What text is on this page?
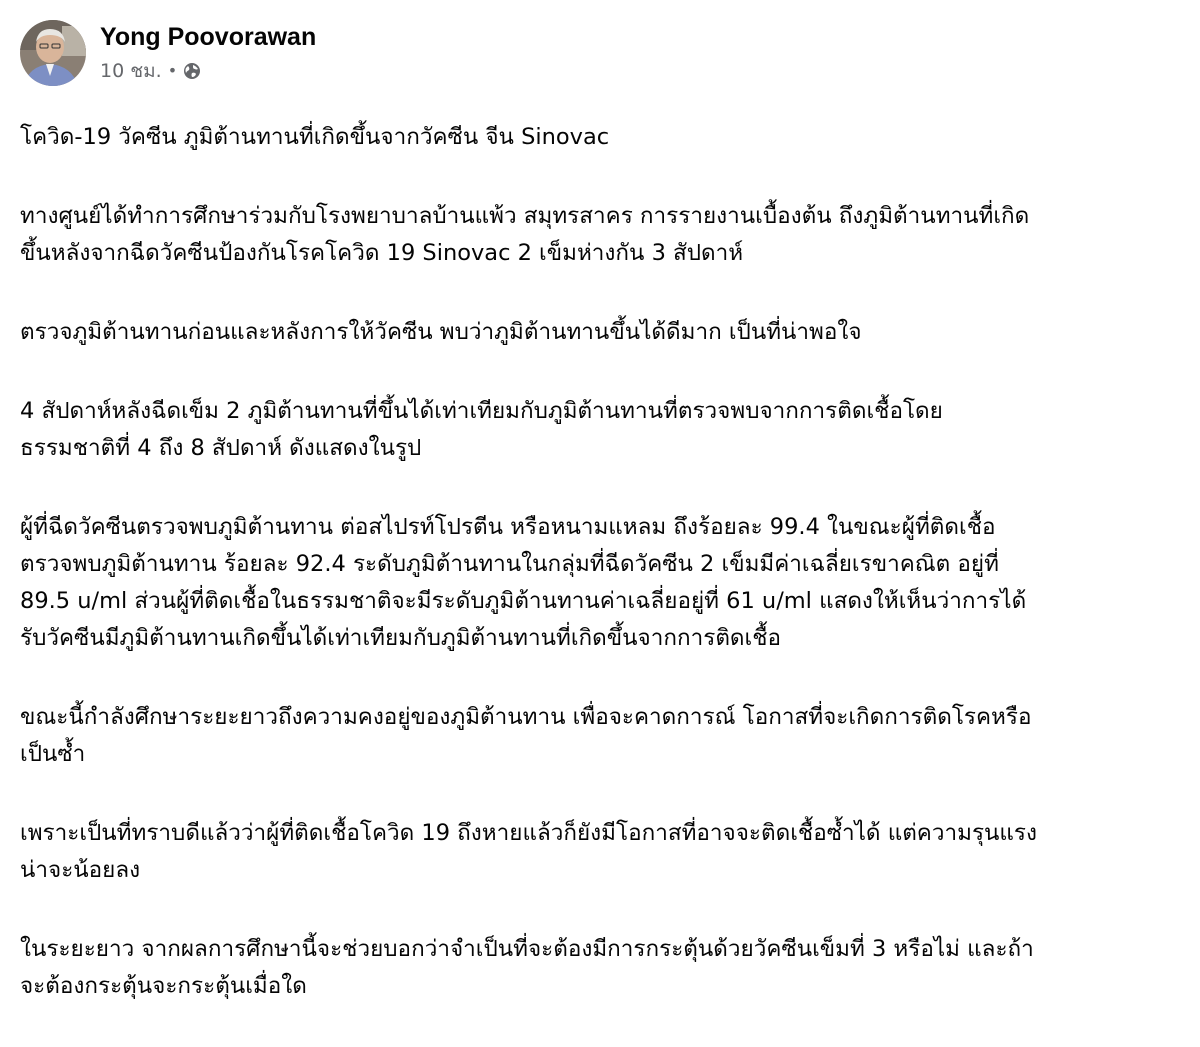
Yong Poovorawan
10 ชม. •

โควิด-19 วัคซีน ภูมิต้านทานที่เกิดขึ้นจากวัคซีน จีน Sinovac

ทางศูนย์ได้ทำการศึกษาร่วมกับโรงพยาบาลบ้านแพ้ว สมุทรสาคร การรายงานเบื้องต้น ถึงภูมิต้านทานที่เกิด
ขึ้นหลังจากฉีดวัคซีนป้องกันโรคโควิด 19 Sinovac 2 เข็มห่างกัน 3 สัปดาห์

ตรวจภูมิต้านทานก่อนและหลังการให้วัคซีน พบว่าภูมิต้านทานขึ้นได้ดีมาก เป็นที่น่าพอใจ

4 สัปดาห์หลังฉีดเข็ม 2 ภูมิต้านทานที่ขึ้นได้เท่าเทียมกับภูมิต้านทานที่ตรวจพบจากการติดเชื้อโดย
ธรรมชาติที่ 4 ถึง 8 สัปดาห์ ดังแสดงในรูป

ผู้ที่ฉีดวัคซีนตรวจพบภูมิต้านทาน ต่อสไปรท์โปรตีน หรือหนามแหลม ถึงร้อยละ 99.4 ในขณะผู้ที่ติดเชื้อ
ตรวจพบภูมิต้านทาน ร้อยละ 92.4 ระดับภูมิต้านทานในกลุ่มที่ฉีดวัคซีน 2 เข็มมีค่าเฉลี่ยเรขาคณิต อยู่ที่
89.5 u/ml ส่วนผู้ที่ติดเชื้อในธรรมชาติจะมีระดับภูมิต้านทานค่าเฉลี่ยอยู่ที่ 61 u/ml แสดงให้เห็นว่าการได้
รับวัคซีนมีภูมิต้านทานเกิดขึ้นได้เท่าเทียมกับภูมิต้านทานที่เกิดขึ้นจากการติดเชื้อ

ขณะนี้กำลังศึกษาระยะยาวถึงความคงอยู่ของภูมิต้านทาน เพื่อจะคาดการณ์ โอกาสที่จะเกิดการติดโรคหรือ
เป็นซ้ำ

เพราะเป็นที่ทราบดีแล้วว่าผู้ที่ติดเชื้อโควิด 19 ถึงหายแล้วก็ยังมีโอกาสที่อาจจะติดเชื้อซ้ำได้ แต่ความรุนแรง
น่าจะน้อยลง

ในระยะยาว จากผลการศึกษานี้จะช่วยบอกว่าจำเป็นที่จะต้องมีการกระตุ้นด้วยวัคซีนเข็มที่ 3 หรือไม่ และถ้า
จะต้องกระตุ้นจะกระตุ้นเมื่อใด
